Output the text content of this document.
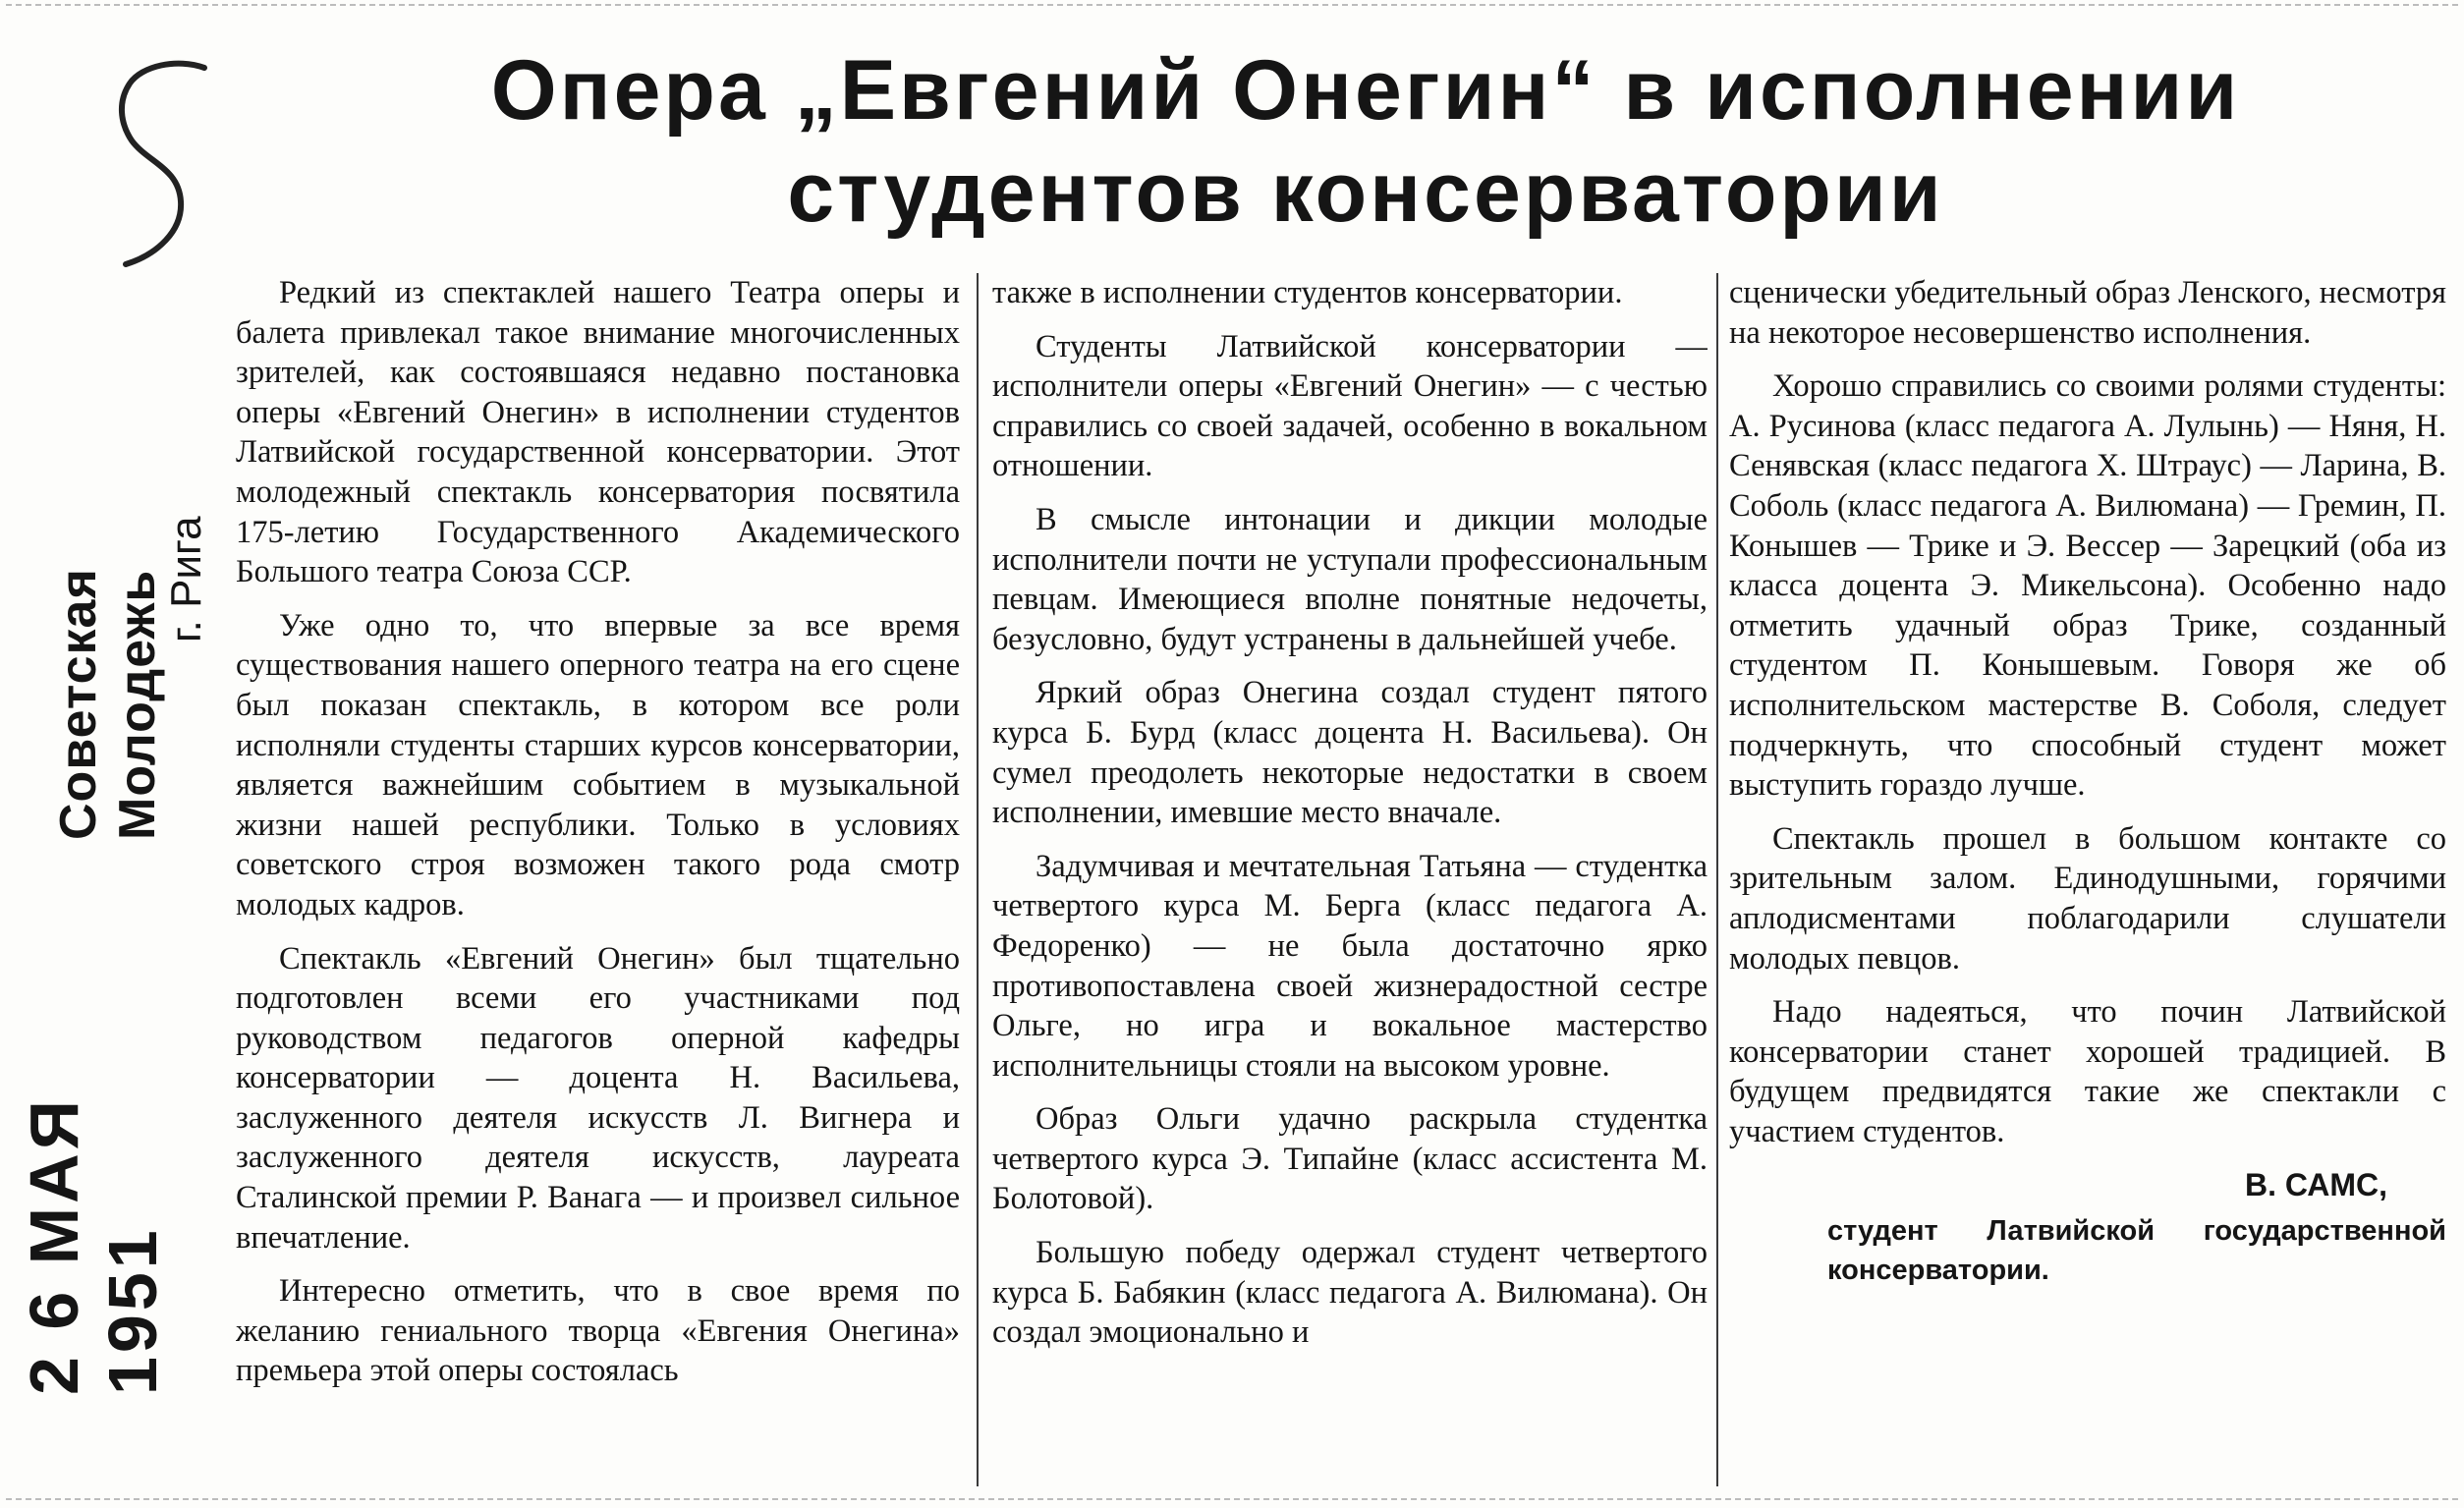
Советская Молодежь
г. Рига
2 6 МАЯ 1951
Опера „Евгений Онегин“ в исполнении
студентов консерватории

Редкий из спектаклей нашего Театра оперы и балета привлекал такое внимание многочисленных зрителей, как состоявшаяся недавно постановка оперы «Евгений Онегин» в исполнении студентов Латвийской государственной консерватории. Этот молодежный спектакль консерватория посвятила 175-летию Государственного Академического Большого театра Союза ССР.

Уже одно то, что впервые за все время существования нашего оперного театра на его сцене был показан спектакль, в котором все роли исполняли студенты старших курсов консерватории, является важнейшим событием в музыкальной жизни нашей республики. Только в условиях советского строя возможен такого рода смотр молодых кадров.

Спектакль «Евгений Онегин» был тщательно подготовлен всеми его участниками под руководством педагогов оперной кафедры консерватории — доцента Н. Васильева, заслуженного деятеля искусств Л. Вигнера и заслуженного деятеля искусств, лауреата Сталинской премии Р. Ванага — и произвел сильное впечатление.

Интересно отметить, что в свое время по желанию гениального творца «Евгения Онегина» премьера этой оперы состоялась

также в исполнении студентов консерватории.

Студенты Латвийской консерватории — исполнители оперы «Евгений Онегин» — с честью справились со своей задачей, особенно в вокальном отношении.

В смысле интонации и дикции молодые исполнители почти не уступали профессиональным певцам. Имеющиеся вполне понятные недочеты, безусловно, будут устранены в дальнейшей учебе.

Яркий образ Онегина создал студент пятого курса Б. Бурд (класс доцента Н. Васильева). Он сумел преодолеть некоторые недостатки в своем исполнении, имевшие место вначале.

Задумчивая и мечтательная Татьяна — студентка четвертого курса М. Берга (класс педагога А. Федоренко) — не была достаточно ярко противопоставлена своей жизнерадостной сестре Ольге, но игра и вокальное мастерство исполнительницы стояли на высоком уровне.

Образ Ольги удачно раскрыла студентка четвертого курса Э. Типайне (класс ассистента М. Болотовой).

Большую победу одержал студент четвертого курса Б. Бабякин (класс педагога А. Вилюмана). Он создал эмоционально и

сценически убедительный образ Ленского, несмотря на некоторое несовершенство исполнения.

Хорошо справились со своими ролями студенты: А. Русинова (класс педагога А. Лулынь) — Няня, Н. Сенявская (класс педагога Х. Штраус) — Ларина, В. Соболь (класс педагога А. Вилюмана) — Гремин, П. Конышев — Трике и Э. Вессер — Зарецкий (оба из класса доцента Э. Микельсона). Особенно надо отметить удачный образ Трике, созданный студентом П. Конышевым. Говоря же об исполнительском мастерстве В. Соболя, следует подчеркнуть, что способный студент может выступить гораздо лучше.

Спектакль прошел в большом контакте со зрительным залом. Единодушными, горячими аплодисментами поблагодарили слушатели молодых певцов.

Надо надеяться, что почин Латвийской консерватории станет хорошей традицией. В будущем предвидятся такие же спектакли с участием студентов.

В. САМС,
студент Латвийской государственной консерватории.
